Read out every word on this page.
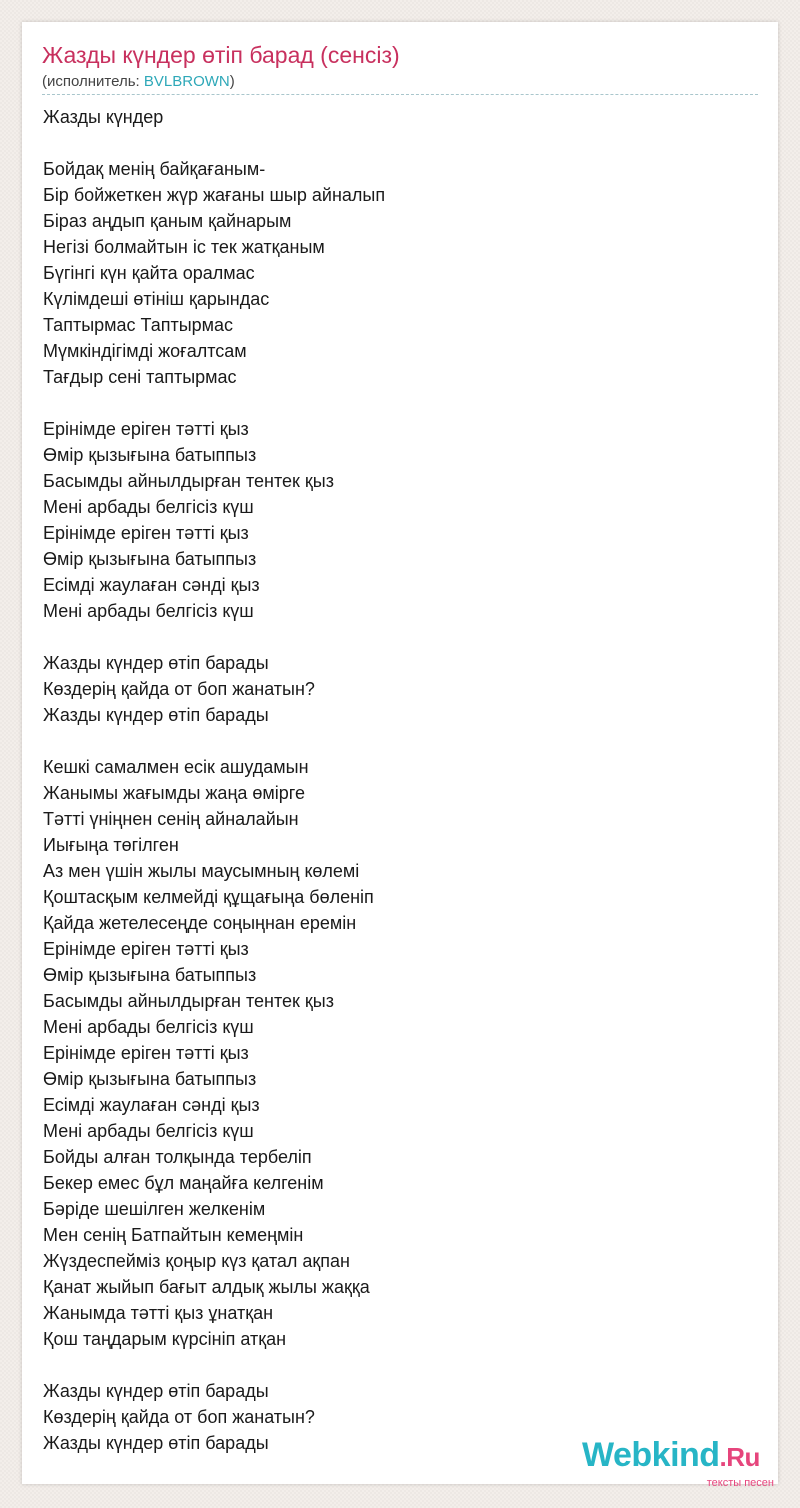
Жазды күндер өтіп барад (сенсіз)
(исполнитель: BVLBROWN)
Жазды күндер
Бойдақ менің байқағаным-
Бір бойжеткен жүр жағаны шыр айналып
Біраз аңдып қаным қайнарым
Негізі болмайтын іс тек жатқаным
Бүгінгі күн қайта оралмас
Күлімдеші өтініш қарындас
Таптырмас Таптырмас
Мүмкіндігімді жоғалтсам
Тағдыр сені таптырмас
Ерінімде еріген тәтті қыз
Өмір қызығына батыппыз
Басымды айнылдырған тентек қыз
Мені арбады белгісіз күш
Ерінімде еріген тәтті қыз
Өмір қызығына батыппыз
Есімді жаулаған сәнді қыз
Мені арбады белгісіз күш
Жазды күндер өтіп барады
Көздерің қайда от боп жанатын?
Жазды күндер өтіп барады
Кешкі самалмен есік ашудамын
Жанымы жағымды жаңа өмірге
Тәтті үніңнен сенің айналайын
Иығыңа төгілген
Аз мен үшін жылы маусымның көлемі
Қоштасқым келмейді құщағыңа бөленіп
Қайда жетелесеңде соңыңнан еремін
Ерінімде еріген тәтті қыз
Өмір қызығына батыппыз
Басымды айнылдырған тентек қыз
Мені арбады белгісіз күш
Ерінімде еріген тәтті қыз
Өмір қызығына батыппыз
Есімді жаулаған сәнді қыз
Мені арбады белгісіз күш
Бойды алған толқында тербеліп
Бекер емес бұл маңайға келгенім
Бәріде шешілген желкенім
Мен сенің Батпайтын кемеңмін
Жүздеспейміз қоңыр күз қатал ақпан
Қанат жыйып бағыт алдық жылы жаққа
Жанымда тәтті қыз ұнатқан
Қош таңдарым күрсініп атқан
Жазды күндер өтіп барады
Көздерің қайда от боп жанатын?
Жазды күндер өтіп барады	Webkind.Ru
тексты песен
